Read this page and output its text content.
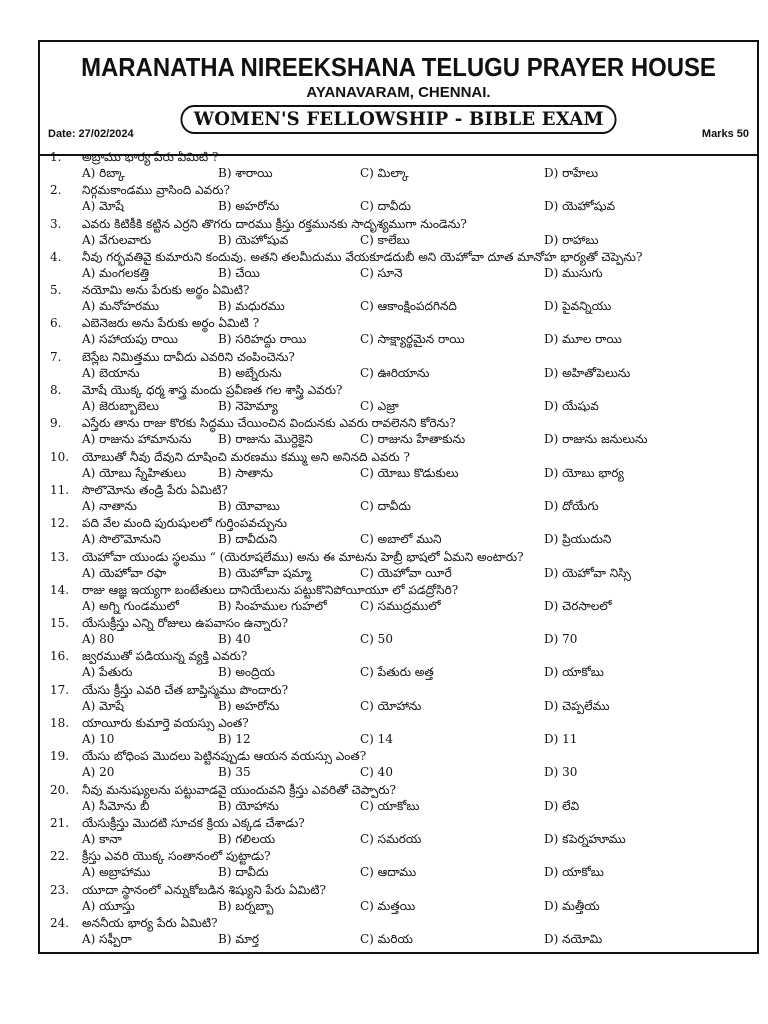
MARANATHA NIREEKSHANA TELUGU PRAYER HOUSE
AYANAVARAM, CHENNAI.
WOMEN'S FELLOWSHIP - BIBLE EXAM
Date: 27/02/2024	Marks 50
1. అబ్రాము భార్య పేరు ఏమిటి ?
A) రిబ్కా	B) శారాయి	C) మిల్కా	D) రాహేలు
2. నిర్గమకాండము వ్రాసింది ఎవరు?
A) మోషే	B) అహరోను	C) దావీదు	D) యెహోషువ
3. ఎవరు కిటికీకి కట్టిన ఎర్రని తొగరు దారము క్రీస్తు రక్తమునకు సాదృశ్యముగా నుండెను?
A) వేగులవారు	B) యెహోషువ	C) కాలేబు	D) రాహాబు
4. నీవు గర్భవతివై కుమారుని కందువు. అతని తలమీదుము వేయకూడదుబీ అని యెహోవా దూత మానోహ భార్యతో చెప్పెను?
A) మంగలకత్తి	B) చేయి	C) సూనె	D) ముసుగు
5. నయోమి అను పేరుకు అర్థం ఏమిటి?
A) మనోహరము	B) మధురము	C) ఆకాంక్షింపదగినది	D) పైవన్నియు
6. ఎబెనెజరు అను పేరుకు అర్థం ఏమిటి ?
A) సహాయపు రాయి	B) సరిహద్దు రాయి	C) సాక్ష్యార్థమైన రాయి	D) మూల రాయి
7. బెస్లేబ నిమిత్తము దావీదు ఎవరిని చంపించెను?
A) బెయాను	B) అబ్నేరును	C) ఊరియాను	D) అహితోపెలును
8. మోషే యొక్క ధర్మ శాస్త్ర మందు ప్రవీణత గల శాస్త్రి ఎవరు?
A) జెరుబ్బాబెలు	B) నెహెమ్యా	C) ఎజ్రా	D) యేషువ
9. ఎస్తేరు తాను రాజు కొరకు సిద్ధము చేయించిన విందునకు ఎవరు రావలెనని కోరెను?
A) రాజును హామానును B) రాజును మొర్దెకైని	C) రాజును హేతాకును	D) రాజును జనులును
10. యోబుతో నీవు దేవుని దూషించి మరణము కమ్ము అని అనినది ఎవరు ?
A) యోబు స్నేహితులు	B) సాతాను	C) యోబు కొడుకులు	D) యోబు భార్య
11. సొలొమోను తండ్రి పేరు ఏమిటి?
A) నాతాను	B) యోవాబు	C) దావీదు	D) దోయేగు
12. పది వేల మంది పురుషులలో గుర్తింపవచ్చును
A) సొలొమోనుని	B) దావీదుని	C) అబాలో ముని	D) ప్రియుదుని
13. యెహోవా యుండు స్థలము “ (యెరూషలేము) అను ఈ మాటను హెబ్రీ భాషలో ఏమని అంటారు?
A) యెహోవా రఫా	B) యెహోవా షమ్మా	C) యెహోవా యీరే	D) యెహోవా నిస్సి
14. రాజు ఆజ్ఞ ఇయ్యగా బంటేతులు దానియేలును పట్టుకొనిపోయీయూ లో పడద్రోసిరి?
A) అగ్ని గుండములో	B) సింహముల గుహలో	C) సముద్రములో	D) చెరసాలలో
15. యేసుక్రీస్తు ఎన్ని రోజులు ఉపవాసం ఉన్నారు?
A) 80	B) 40	C) 50	D) 70
16. జ్వరముతో పడియున్న వ్యక్తి ఎవరు?
A) పేతురు	B) అంద్రియ	C) పేతురు అత్త	D) యాకోబు
17. యేసు క్రీస్తు ఎవరి చేత బాప్తిస్మము పొందారు?
A) మోషే	B) అహరోను	C) యోహాను	D) చెప్పలేము
18. యాయీరు కుమార్తె వయస్సు ఎంత?
A) 10	B) 12	C) 14	D) 11
19. యేసు బోధింప మొదలు పెట్టినప్పుడు ఆయన వయస్సు ఎంత?
A) 20	B) 35	C) 40	D) 30
20. నీవు మనుష్యులను పట్టువాడవై యుందువని క్రీస్తు ఎవరితో చెప్పారు?
A) సీమోను బీ	B) యోహాను	C) యాకోబు	D) లేవి
21. యేసుక్రీస్తు మొదటి సూచక క్రియ ఎక్కడ చేశాడు?
A) కానా	B) గలిలయ	C) సమరయ	D) కపెర్నహూము
22. క్రీస్తు ఎవరి యొక్క సంతానంలో పుట్టాడు?
A) అబ్రాహాము	B) దావీదు	C) ఆదాము	D) యాకోబు
23. యూదా స్థానంలో ఎన్నుకోబడిన శిష్యుని పేరు ఏమిటి?
A) యూస్తు	B) బర్నబ్బా	C) మత్తయి	D) మత్తీయ
24. అననీయ భార్య పేరు ఏమిటి?
A) సఫ్పీరా	B) మార్త	C) మరియ	D) నయోమి
